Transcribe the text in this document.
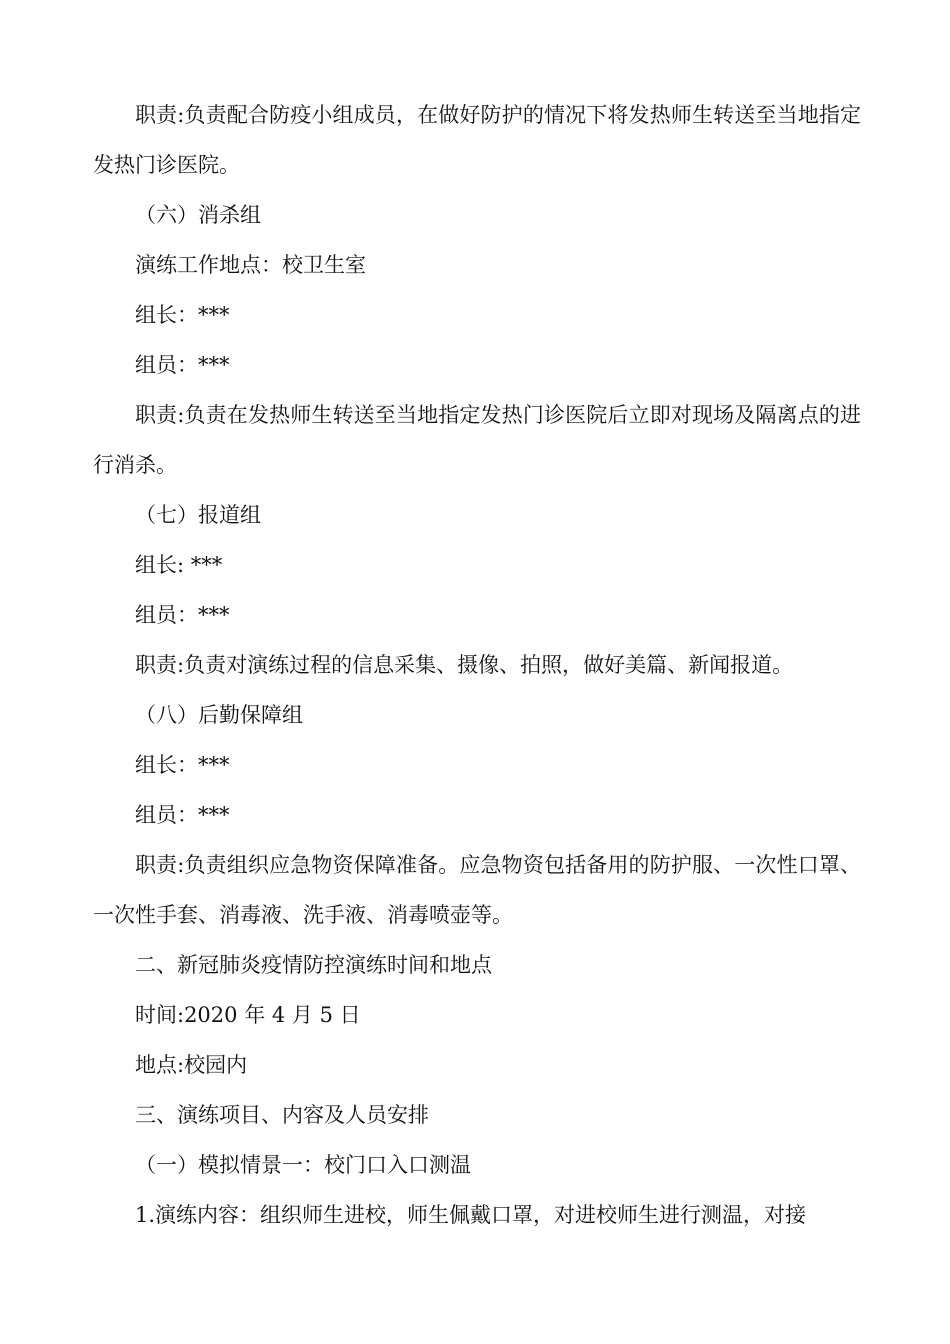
职责:负责配合防疫小组成员，在做好防护的情况下将发热师生转送至当地指定发热门诊医院。

（六）消杀组

演练工作地点：校卫生室

组长：***

组员：***

职责:负责在发热师生转送至当地指定发热门诊医院后立即对现场及隔离点的进行消杀。

（七）报道组

组长: ***

组员：***

职责:负责对演练过程的信息采集、摄像、拍照，做好美篇、新闻报道。

（八）后勤保障组

组长：***

组员：***

职责:负责组织应急物资保障准备。应急物资包括备用的防护服、一次性口罩、一次性手套、消毒液、洗手液、消毒喷壶等。

二、新冠肺炎疫情防控演练时间和地点

时间:2020 年 4 月 5 日

地点:校园内

三、演练项目、内容及人员安排

（一）模拟情景一：校门口入口测温

1.演练内容：组织师生进校，师生佩戴口罩，对进校师生进行测温，对接
